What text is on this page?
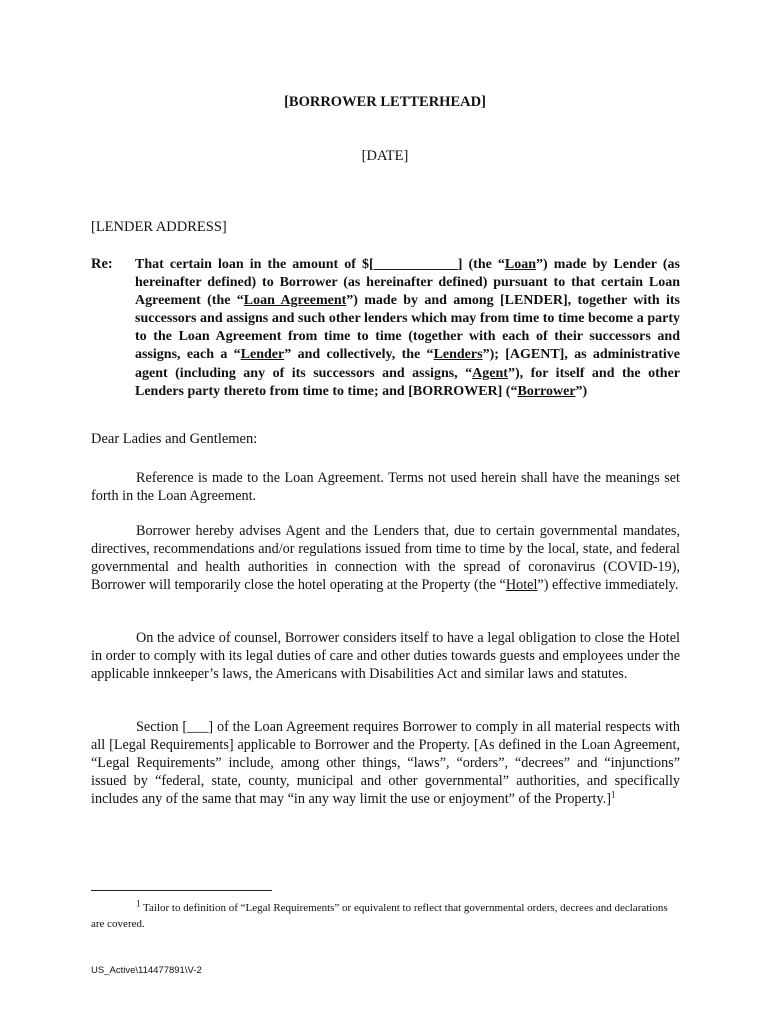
[BORROWER LETTERHEAD]
[DATE]
[LENDER ADDRESS]
Re: That certain loan in the amount of $[____________] (the “Loan”) made by Lender (as hereinafter defined) to Borrower (as hereinafter defined) pursuant to that certain Loan Agreement (the “Loan Agreement”) made by and among [LENDER], together with its successors and assigns and such other lenders which may from time to time become a party to the Loan Agreement from time to time (together with each of their successors and assigns, each a “Lender” and collectively, the “Lenders”); [AGENT], as administrative agent (including any of its successors and assigns, “Agent”), for itself and the other Lenders party thereto from time to time; and [BORROWER] (“Borrower”)
Dear Ladies and Gentlemen:

Reference is made to the Loan Agreement. Terms not used herein shall have the meanings set forth in the Loan Agreement.

Borrower hereby advises Agent and the Lenders that, due to certain governmental mandates, directives, recommendations and/or regulations issued from time to time by the local, state, and federal governmental and health authorities in connection with the spread of coronavirus (COVID-19), Borrower will temporarily close the hotel operating at the Property (the “Hotel”) effective immediately.

On the advice of counsel, Borrower considers itself to have a legal obligation to close the Hotel in order to comply with its legal duties of care and other duties towards guests and employees under the applicable innkeeper’s laws, the Americans with Disabilities Act and similar laws and statutes.

Section [___] of the Loan Agreement requires Borrower to comply in all material respects with all [Legal Requirements] applicable to Borrower and the Property. [As defined in the Loan Agreement, “Legal Requirements” include, among other things, “laws”, “orders”, “decrees” and “injunctions” issued by “federal, state, county, municipal and other governmental” authorities, and specifically includes any of the same that may “in any way limit the use or enjoyment” of the Property.]$^1$

$^1$ Tailor to definition of “Legal Requirements” or equivalent to reflect that governmental orders, decrees and declarations are covered.

US_Active\114477891\V-2
